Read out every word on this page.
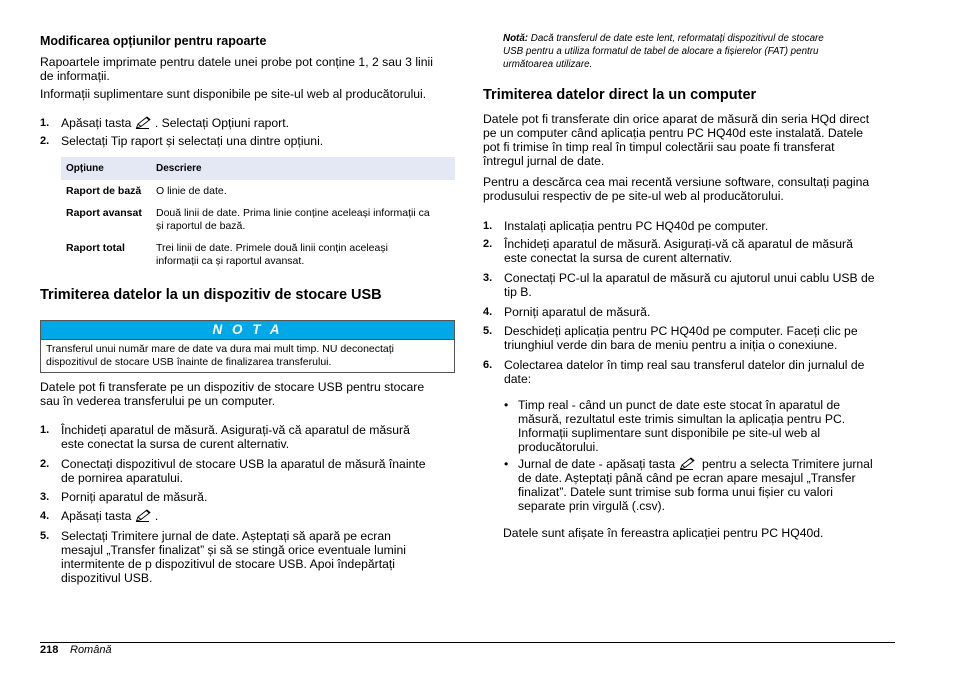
Modificarea opțiunilor pentru rapoarte
Rapoartele imprimate pentru datele unei probe pot conține 1, 2 sau 3 linii
de informații.
Informații suplimentare sunt disponibile pe site-ul web al producătorului.
1. Apăsați tasta . Selectați Opțiuni raport.
2. Selectați Tip raport și selectați una dintre opțiuni.
Opțiune	Descriere
Raport de bază	O linie de date.
Raport avansat	Două linii de date. Prima linie conține aceleași informații ca
și raportul de bază.

Raport total	Trei linii de date. Primele două linii conțin aceleași
informații ca și raportul avansat.
Trimiterea datelor la un dispozitiv de stocare USB
N O T A
Transferul unui număr mare de date va dura mai mult timp. NU deconectați
dispozitivul de stocare USB înainte de finalizarea transferului.
Datele pot fi transferate pe un dispozitiv de stocare USB pentru stocare
sau în vederea transferului pe un computer.
1. Închideți aparatul de măsură. Asigurați-vă că aparatul de măsură
este conectat la sursa de curent alternativ.
2. Conectați dispozitivul de stocare USB la aparatul de măsură înainte
de pornirea aparatului.
3. Porniți aparatul de măsură.
4. Apăsați tasta .
5. Selectați Trimitere jurnal de date. Așteptați să apară pe ecran
mesajul „Transfer finalizat” și să se stingă orice eventuale lumini
intermitente de p dispozitivul de stocare USB. Apoi îndepărtați
dispozitivul USB.
Notă: Dacă transferul de date este lent, reformatați dispozitivul de stocare
USB pentru a utiliza formatul de tabel de alocare a fișierelor (FAT) pentru
următoarea utilizare.
Trimiterea datelor direct la un computer
Datele pot fi transferate din orice aparat de măsură din seria HQd direct
pe un computer când aplicația pentru PC HQ40d este instalată. Datele
pot fi trimise în timp real în timpul colectării sau poate fi transferat
întregul jurnal de date.
Pentru a descărca cea mai recentă versiune software, consultați pagina
produsului respectiv de pe site-ul web al producătorului.
1. Instalați aplicația pentru PC HQ40d pe computer.
2. Închideți aparatul de măsură. Asigurați-vă că aparatul de măsură
este conectat la sursa de curent alternativ.
3. Conectați PC-ul la aparatul de măsură cu ajutorul unui cablu USB de
tip B.
4. Porniți aparatul de măsură.
5. Deschideți aplicația pentru PC HQ40d pe computer. Faceți clic pe
triunghiul verde din bara de meniu pentru a iniția o conexiune.
6. Colectarea datelor în timp real sau transferul datelor din jurnalul de
date:
• Timp real - când un punct de date este stocat în aparatul de
măsură, rezultatul este trimis simultan la aplicația pentru PC.
Informații suplimentare sunt disponibile pe site-ul web al
producătorului.
• Jurnal de date - apăsați tasta  pentru a selecta Trimitere jurnal
de date. Așteptați până când pe ecran apare mesajul „Transfer
finalizat”. Datele sunt trimise sub forma unui fișier cu valori
separate prin virgulă (.csv).
Datele sunt afișate în fereastra aplicației pentru PC HQ40d.
218 Română
